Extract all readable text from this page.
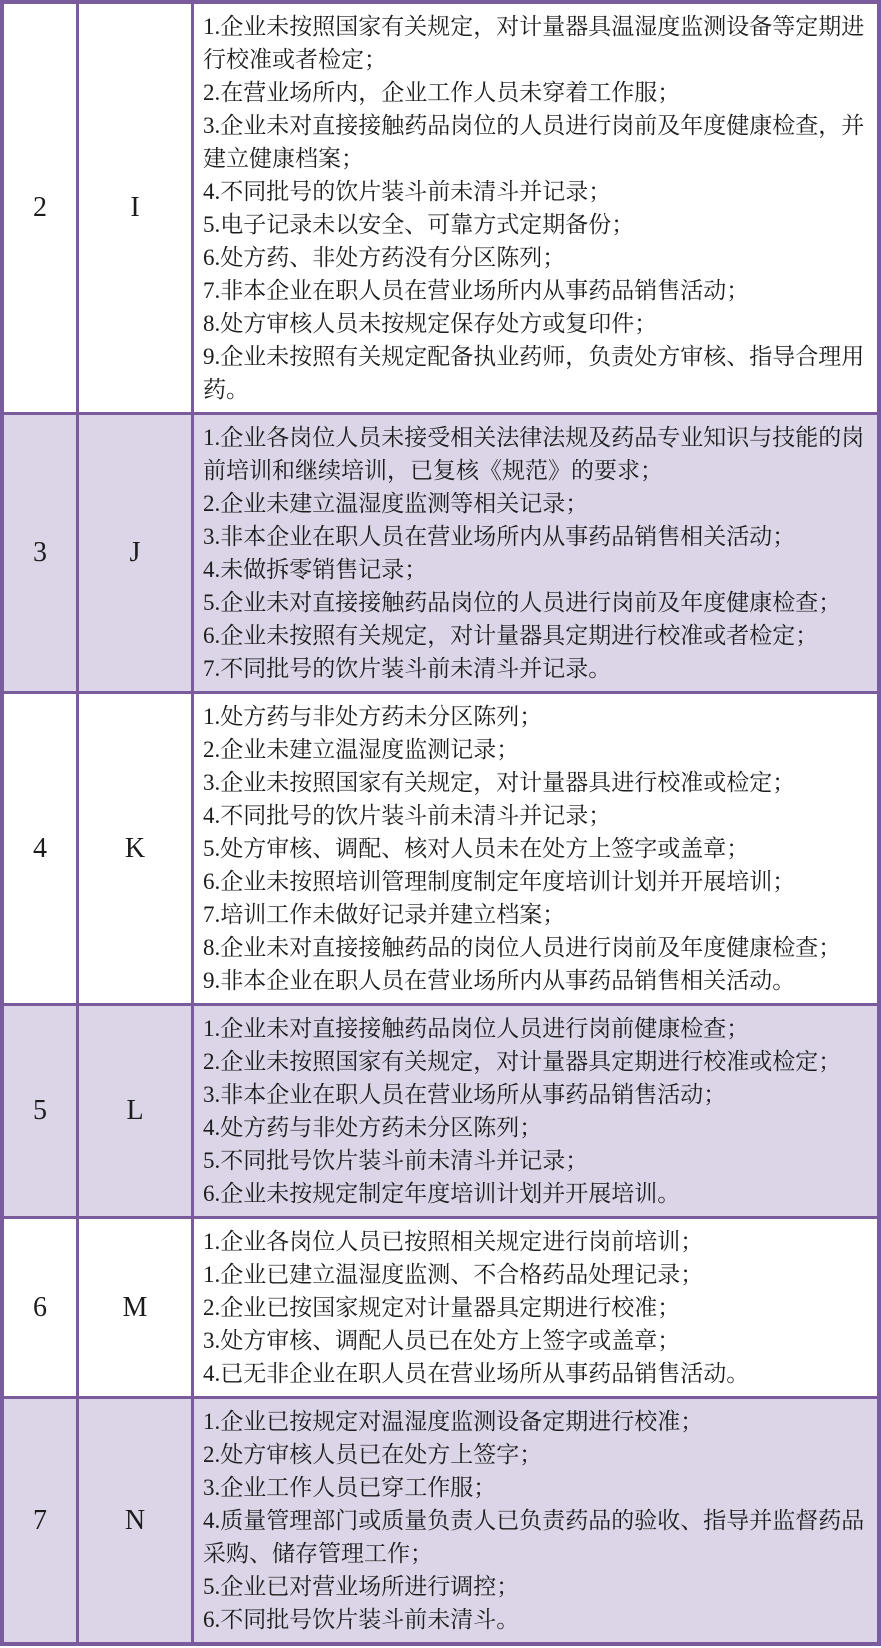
2	I
1.企业未按照国家有关规定，对计量器具温湿度监测设备等定期进行校准或者检定；
2.在营业场所内，企业工作人员未穿着工作服；
3.企业未对直接接触药品岗位的人员进行岗前及年度健康检查，并建立健康档案；
4.不同批号的饮片装斗前未清斗并记录；
5.电子记录未以安全、可靠方式定期备份；
6.处方药、非处方药没有分区陈列；
7.非本企业在职人员在营业场所内从事药品销售活动；
8.处方审核人员未按规定保存处方或复印件；
9.企业未按照有关规定配备执业药师，负责处方审核、指导合理用药。
3	J
1.企业各岗位人员未接受相关法律法规及药品专业知识与技能的岗前培训和继续培训，已复核《规范》的要求；
2.企业未建立温湿度监测等相关记录；
3.非本企业在职人员在营业场所内从事药品销售相关活动；
4.未做拆零销售记录；
5.企业未对直接接触药品岗位的人员进行岗前及年度健康检查；
6.企业未按照有关规定，对计量器具定期进行校准或者检定；
7.不同批号的饮片装斗前未清斗并记录。
4	K
1.处方药与非处方药未分区陈列；
2.企业未建立温湿度监测记录；
3.企业未按照国家有关规定，对计量器具进行校准或检定；
4.不同批号的饮片装斗前未清斗并记录；
5.处方审核、调配、核对人员未在处方上签字或盖章；
6.企业未按照培训管理制度制定年度培训计划并开展培训；
7.培训工作未做好记录并建立档案；
8.企业未对直接接触药品的岗位人员进行岗前及年度健康检查；
9.非本企业在职人员在营业场所内从事药品销售相关活动。
5	L
1.企业未对直接接触药品岗位人员进行岗前健康检查；
2.企业未按照国家有关规定，对计量器具定期进行校准或检定；
3.非本企业在职人员在营业场所从事药品销售活动；
4.处方药与非处方药未分区陈列；
5.不同批号饮片装斗前未清斗并记录；
6.企业未按规定制定年度培训计划并开展培训。
6	M
1.企业各岗位人员已按照相关规定进行岗前培训；
1.企业已建立温湿度监测、不合格药品处理记录；
2.企业已按国家规定对计量器具定期进行校准；
3.处方审核、调配人员已在处方上签字或盖章；
4.已无非企业在职人员在营业场所从事药品销售活动。
7	N
1.企业已按规定对温湿度监测设备定期进行校准；
2.处方审核人员已在处方上签字；
3.企业工作人员已穿工作服；
4.质量管理部门或质量负责人已负责药品的验收、指导并监督药品采购、储存管理工作；
5.企业已对营业场所进行调控；
6.不同批号饮片装斗前未清斗。
